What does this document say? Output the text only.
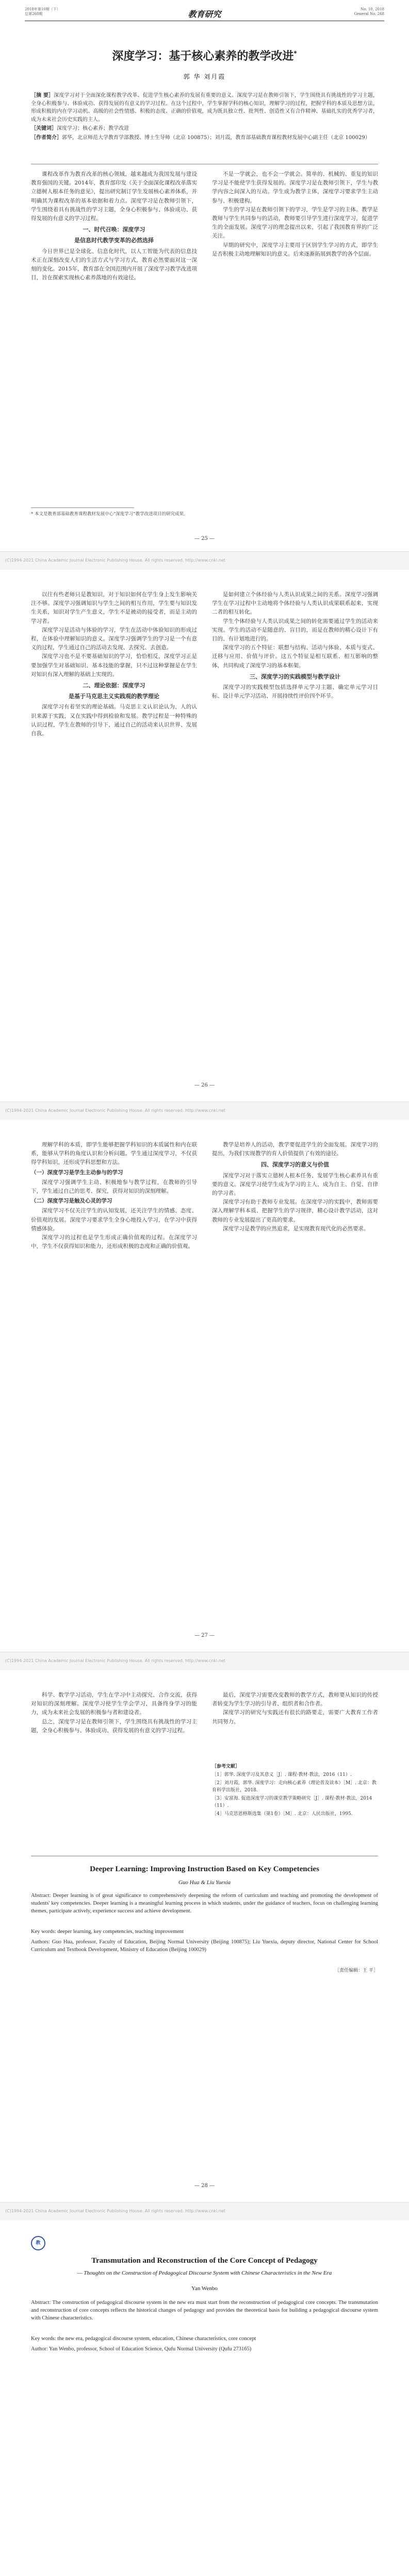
2018年第10期（下）
总第268期	教育研究	No. 10, 2018
General No. 268
深度学习：基于核心素养的教学改进*
郭 华 刘月霞

［摘 要］深度学习对于全面深化课程教学改革、促进学生核心素养的发展有重要的意义。深度学习是在教师引领下，学生围绕具有挑战性的学习主题，全身心积极参与、体验成功、获得发展的有意义的学习过程。在这个过程中，学生掌握学科的核心知识，理解学习的过程，把握学科的本质及思想方法，形成积极的内在学习动机、高级的社会性情感、积极的态度、正确的价值观，成为既具独立性、批判性、创造性又有合作精神、基础扎实的优秀学习者，成为未来社会历史实践的主人。

［关键词］深度学习；核心素养；教学改进

［作者简介］郭华，北京师范大学教育学部教授、博士生导师（北京 100875）；刘月霞，教育部基础教育课程教材发展中心副主任（北京 100029）

课程改革作为教育改革的核心领域，越来越成为我国发展与建设教育强国的关键。2014年，教育部印发《关于全面深化课程改革落实立德树人根本任务的意见》，提出研究制订学生发展核心素养体系，并明确其为课程改革的基本依据和着力点。深度学习是在教师引领下，学生围绕着具有挑战性的学习主题，全身心积极参与、体验成功、获得发展的有意义的学习过程。

一、时代召唤：深度学习
是信息时代教学变革的必然选择

今日世界已是全球化、信息化时代，以人工智能为代表的信息技术正在深刻改变人们的生活方式与学习方式，教育必然要面对这一深刻的变化。2015年，教育部在全国范围内开展了深度学习教学改进项目，旨在探索实现核心素养落地的有效途径。

不是一学就会，也不会一学就会。简单的、机械的、重复的知识学习是不能使学生获得发展的。深度学习是在教师引领下，学生与教学内容之间深入的互动。学生成为教学主体，深度学习要求学生主动参与、积极建构。

学生的学习是在教师引领下的学习，学生是学习的主体。教学是教师与学生共同参与的活动，教师要引导学生进行深度学习，促进学生的全面发展。深度学习的理念提出以来，引起了我国教育界的广泛关注。

早期的研究中，深度学习主要用于区别学生学习的方式，即学生是否积极主动地理解知识的意义。后来逐渐拓展到教学的各个层面。

* 本文是教育部基础教育课程教材发展中心“深度学习”教学改进项目的研究成果。
— 25 —
(C)1994-2021 China Academic Journal Electronic Publishing House. All rights reserved. http://www.cnki.net

以往有些老师只是教知识，对于知识如何在学生身上发生影响关注不够。深度学习强调知识与学生之间的相互作用，学生要与知识发生关系，知识对学生产生意义，学生不是被动的接受者，而是主动的学习者。

深度学习是活动与体验的学习，学生在活动中体验知识的形成过程，在体验中理解知识的意义。深度学习强调学生的学习是一个有意义的过程，学生通过自己的活动去发现、去探究、去创造。

深度学习也不是不要基础知识的学习，恰恰相反，深度学习正是要加强学生对基础知识、基本技能的掌握，只不过这种掌握是在学生对知识有深入理解的基础上实现的。

二、理论依据：深度学习
是基于马克思主义实践观的教学理论

深度学习有着坚实的理论基础。马克思主义认识论认为，人的认识来源于实践，又在实践中得到检验和发展。教学过程是一种特殊的认识过程，学生在教师的引导下，通过自己的活动来认识世界、发展自我。

是如何建立个体经验与人类认识成果之间的关系。深度学习强调学生在学习过程中主动地将个体经验与人类认识成果联系起来，实现二者的相互转化。

学生个体经验与人类认识成果之间的转化需要通过学生的活动来实现。学生的活动不是随意的、盲目的，而是在教师的精心设计下有目的、有计划地进行的。

深度学习的五个特征：联想与结构、活动与体验、本质与变式、迁移与应用、价值与评价。这五个特征是相互联系、相互影响的整体，共同构成了深度学习的基本框架。

三、深度学习的实践模型与教学设计

深度学习的实践模型包括选择单元学习主题、确定单元学习目标、设计单元学习活动、开展持续性评价四个环节。

— 26 —
(C)1994-2021 China Academic Journal Electronic Publishing House. All rights reserved. http://www.cnki.net

理解学科的本质，即学生能够把握学科知识的本质属性和内在联系，能够从学科的角度认识和分析问题。学生通过深度学习，不仅获得学科知识，还形成学科思想和方法。

（一）深度学习是学生主动参与的学习

深度学习强调学生主动、积极地参与教学过程，在教师的引导下，学生通过自己的思考、探究，获得对知识的深刻理解。

（二）深度学习是触及心灵的学习

深度学习不仅关注学生的认知发展，还关注学生的情感、态度、价值观的发展。深度学习要求学生全身心地投入学习，在学习中获得情感体验。

深度学习的过程也是学生形成正确价值观的过程。在深度学习中，学生不仅获得知识和能力，还形成积极的态度和正确的价值观。

教学是培养人的活动，教学要促进学生的全面发展。深度学习的提出，为我们实现教学的育人价值提供了有效的途径。

四、深度学习的意义与价值

深度学习对于落实立德树人根本任务、发展学生核心素养具有重要的意义。深度学习使学生成为学习的主人，成为自主、自觉、自律的学习者。

深度学习有助于教师专业发展。在深度学习的实践中，教师需要深入理解学科本质、把握学生的学习规律，精心设计教学活动，这对教师的专业发展提出了更高的要求。

深度学习是教学的应然追求，是实现教育现代化的必然要求。

— 27 —
(C)1994-2021 China Academic Journal Electronic Publishing House. All rights reserved. http://www.cnki.net

科学、数学学习活动，学生在学习中主动探究、合作交流，获得对知识的深刻理解。深度学习使学生学会学习，具备终身学习的能力，成为未来社会发展的积极参与者和建设者。

总之，深度学习是在教师引领下，学生围绕具有挑战性的学习主题，全身心积极参与、体验成功、获得发展的有意义的学习过程。

最后，深度学习需要改变教师的教学方式，教师要从知识的传授者转变为学生学习的引导者、组织者和合作者。

深度学习的研究与实践还有很长的路要走，需要广大教育工作者共同努力。

［参考文献］
［1］郭华. 深度学习及其意义［J］. 课程·教材·教法，2016（11）.
［2］刘月霞，郭华. 深度学习：走向核心素养（理论普及读本）［M］. 北京：教育科学出版社，2018.
［3］安富海. 促进深度学习的课堂教学策略研究［J］. 课程·教材·教法，2014（11）.
［4］马克思恩格斯选集（第1卷）［M］. 北京：人民出版社，1995.
Deeper Learning: Improving Instruction Based on Key Competencies
Guo Hua & Liu Yuexia
Abstract: Deeper learning is of great significance to comprehensively deepening the reform of curriculum and teaching and promoting the development of students' key competencies. Deeper learning is a meaningful learning process in which students, under the guidance of teachers, focus on challenging learning themes, participate actively, experience success and achieve development.
Key words: deeper learning, key competencies, teaching improvement
Authors: Guo Hua, professor, Faculty of Education, Beijing Normal University (Beijing 100875); Liu Yuexia, deputy director, National Center for School Curriculum and Textbook Development, Ministry of Education (Beijing 100029)
［责任编辑：王 平］
— 28 —
(C)1994-2021 China Academic Journal Electronic Publishing House. All rights reserved. http://www.cnki.net
教
Transmutation and Reconstruction of the Core Concept of Pedagogy
— Thoughts on the Construction of Pedagogical Discourse System with Chinese Characteristics in the New Era
Yan Wenbo
Abstract: The construction of pedagogical discourse system in the new era must start from the reconstruction of pedagogical core concepts. The transmutation and reconstruction of core concepts reflects the historical changes of pedagogy and provides the theoretical basis for building a pedagogical discourse system with Chinese characteristics.
Key words: the new era, pedagogical discourse system, education, Chinese characteristics, core concept
Author: Yan Wenbo, professor, School of Education Science, Qufu Normal University (Qufu 273165)
